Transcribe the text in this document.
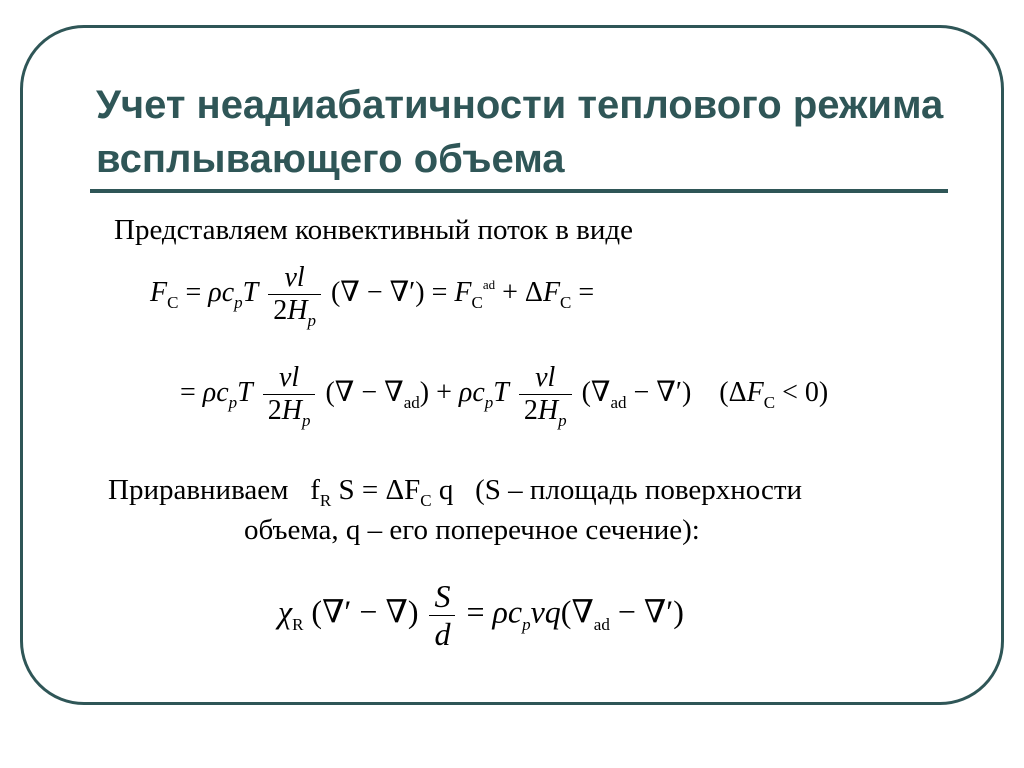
Учет неадиабатичности теплового режима всплывающего объема
Представляем конвективный поток в виде
$F_C = \rho c_pT \frac{vl}{2H_p}$ (∇ − ∇′) = $F_C^{ad} + \Delta F_C$ =
= $\rho c_pT \frac{vl}{2H_p}$ (∇ − $\nabla_{ad}) + \rho c_pT \frac{vl}{2H_p} (\nabla_{ad}$ − ∇′)    $(\Delta F_C < 0)$
Приравниваем $f_R$ $S = \Delta F_C$ q (S – площадь поверхности
объема, q – его поперечное сечение):
$\chi_R$ (∇′ − ∇) $\frac{S}{d} = \rho c_pvq(\nabla_{ad}$ − ∇′)
